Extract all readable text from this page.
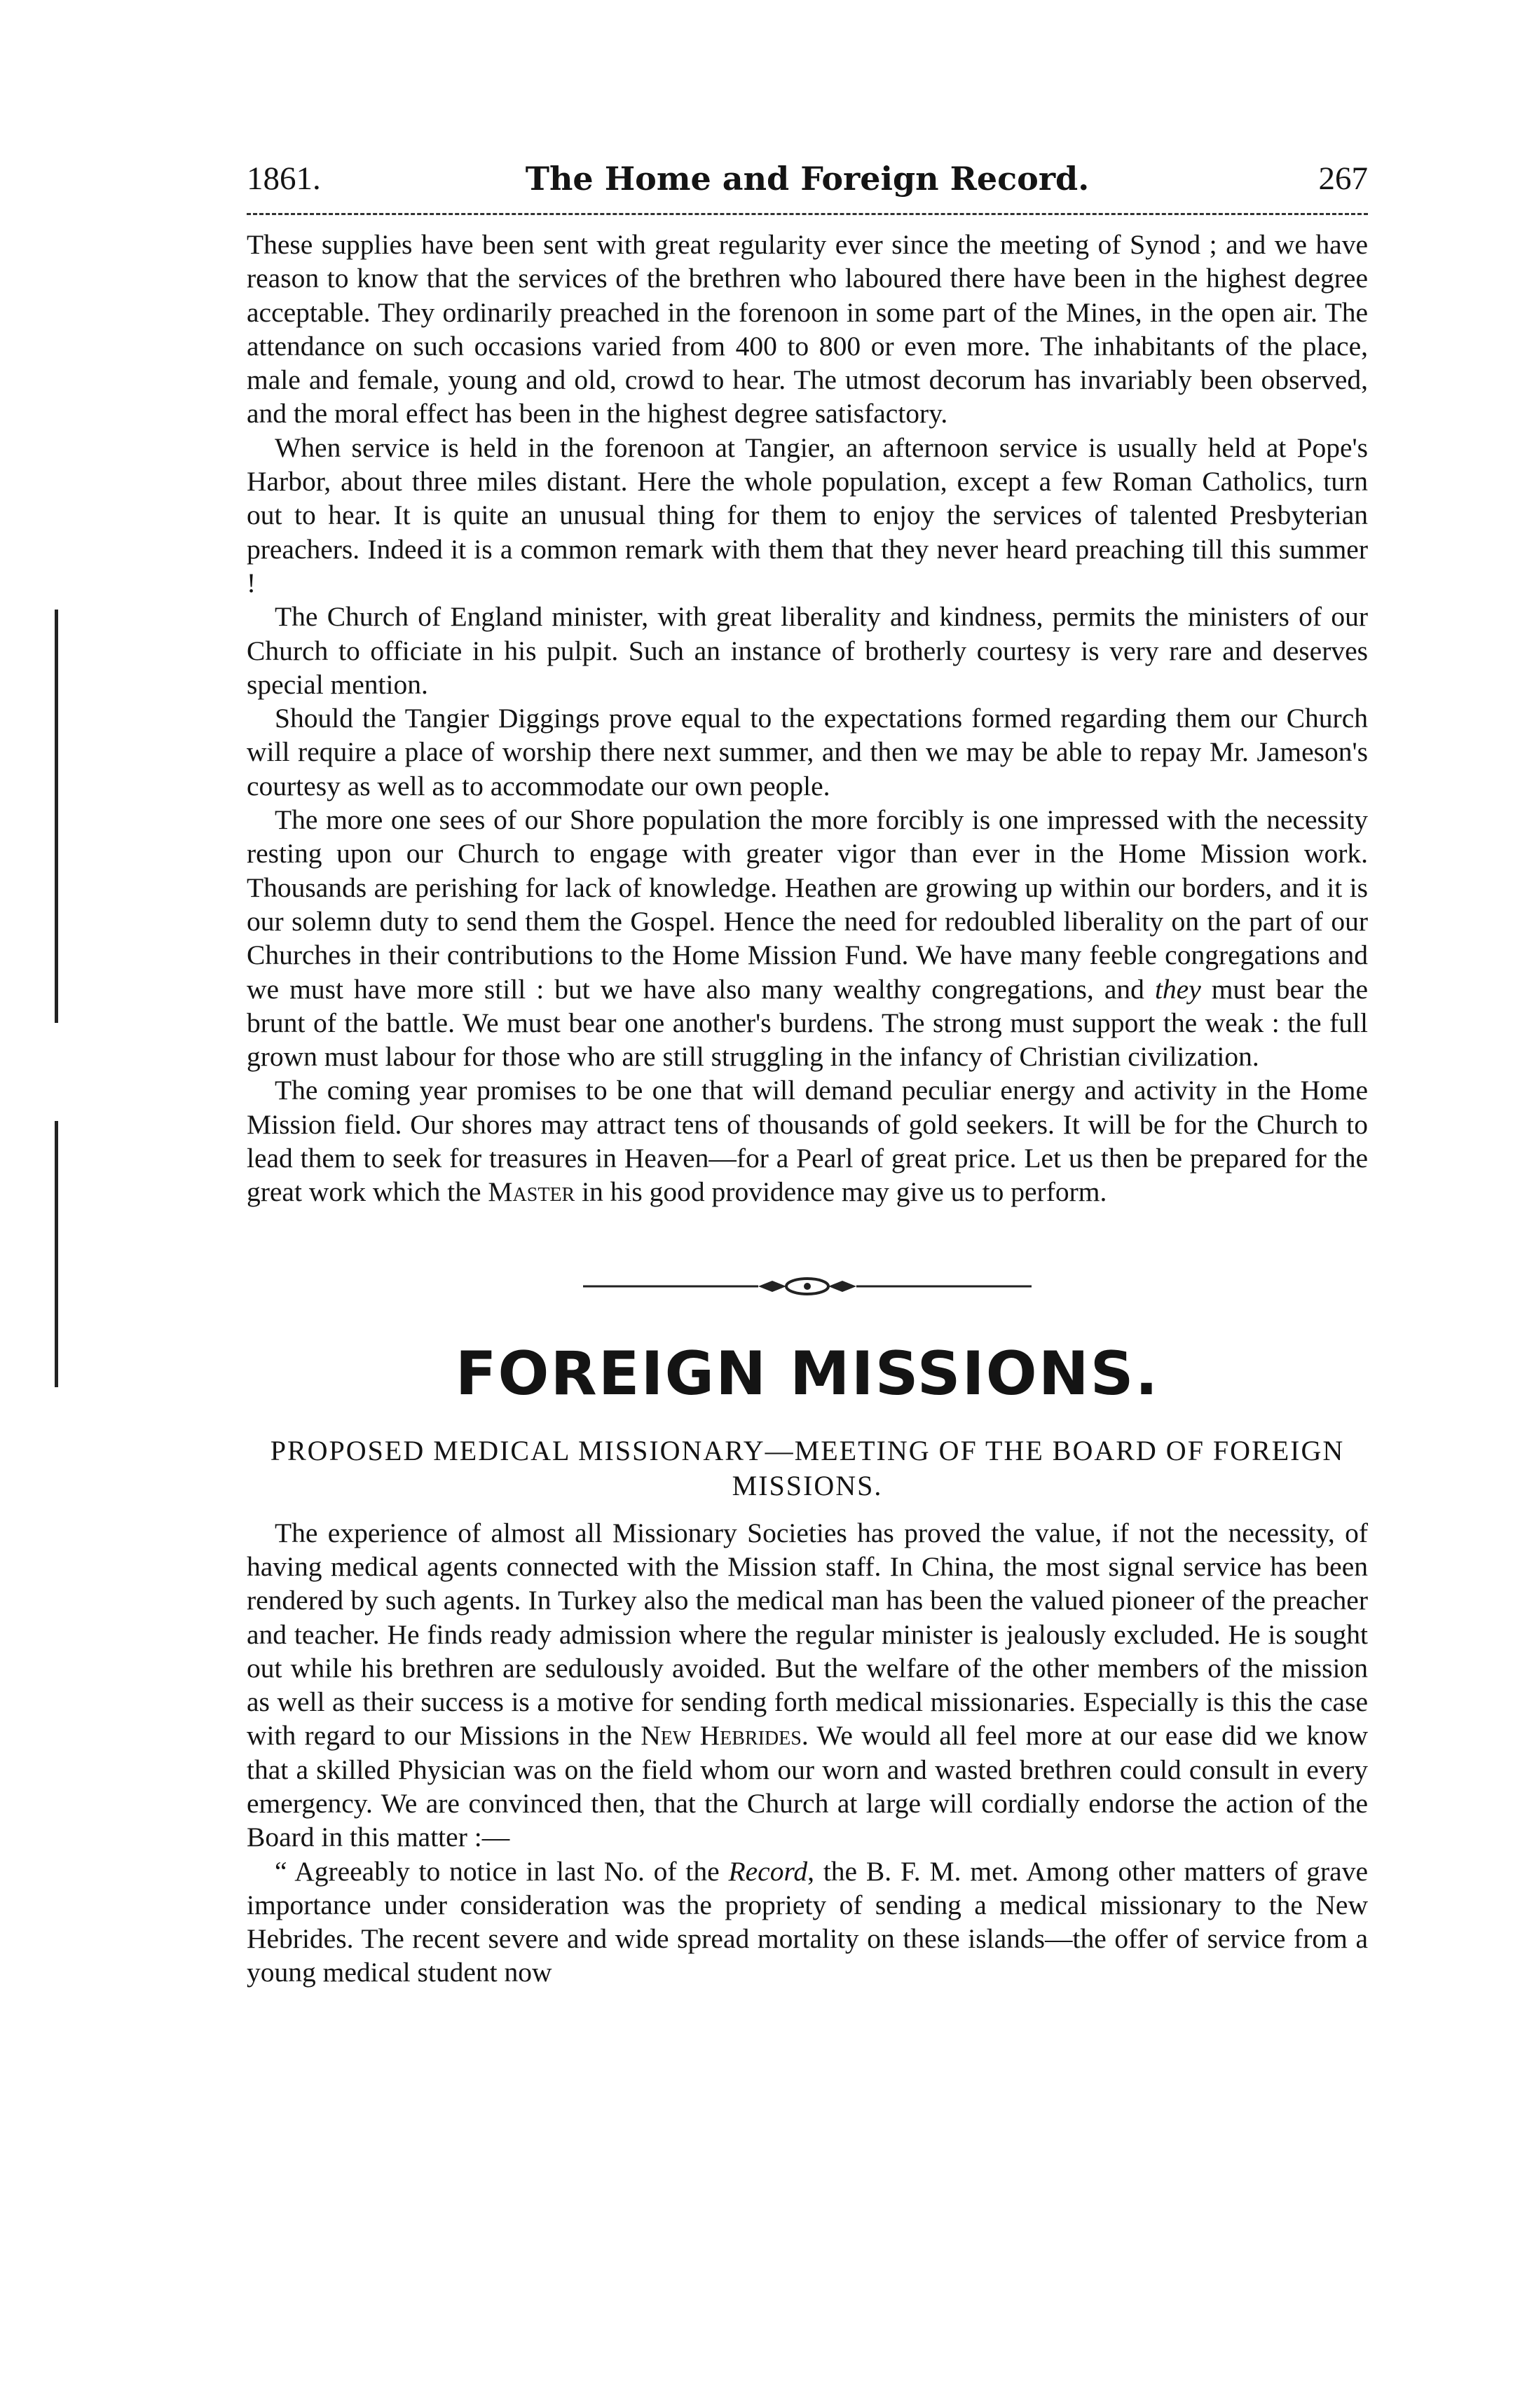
1861.	The Home and Foreign Record.	267

These supplies have been sent with great regularity ever since the meeting of Synod ; and we have reason to know that the services of the brethren who laboured there have been in the highest degree acceptable. They ordinarily preached in the forenoon in some part of the Mines, in the open air. The attendance on such occasions varied from 400 to 800 or even more. The inhabitants of the place, male and female, young and old, crowd to hear. The utmost decorum has invariably been observed, and the moral effect has been in the highest degree satisfactory.

When service is held in the forenoon at Tangier, an afternoon service is usually held at Pope's Harbor, about three miles distant. Here the whole population, except a few Roman Catholics, turn out to hear. It is quite an unusual thing for them to enjoy the services of talented Presbyterian preachers. Indeed it is a common remark with them that they never heard preaching till this summer !

The Church of England minister, with great liberality and kindness, permits the ministers of our Church to officiate in his pulpit. Such an instance of brotherly courtesy is very rare and deserves special mention.

Should the Tangier Diggings prove equal to the expectations formed regarding them our Church will require a place of worship there next summer, and then we may be able to repay Mr. Jameson's courtesy as well as to accommodate our own people.

The more one sees of our Shore population the more forcibly is one impressed with the necessity resting upon our Church to engage with greater vigor than ever in the Home Mission work. Thousands are perishing for lack of knowledge. Heathen are growing up within our borders, and it is our solemn duty to send them the Gospel. Hence the need for redoubled liberality on the part of our Churches in their contributions to the Home Mission Fund. We have many feeble congregations and we must have more still : but we have also many wealthy congregations, and they must bear the brunt of the battle. We must bear one another's burdens. The strong must support the weak : the full grown must labour for those who are still struggling in the infancy of Christian civilization.

The coming year promises to be one that will demand peculiar energy and activity in the Home Mission field. Our shores may attract tens of thousands of gold seekers. It will be for the Church to lead them to seek for treasures in Heaven—for a Pearl of great price. Let us then be prepared for the great work which the Master in his good providence may give us to perform.

FOREIGN MISSIONS.
PROPOSED MEDICAL MISSIONARY—MEETING OF THE BOARD OF FOREIGN MISSIONS.

The experience of almost all Missionary Societies has proved the value, if not the necessity, of having medical agents connected with the Mission staff. In China, the most signal service has been rendered by such agents. In Turkey also the medical man has been the valued pioneer of the preacher and teacher. He finds ready admission where the regular minister is jealously excluded. He is sought out while his brethren are sedulously avoided. But the welfare of the other members of the mission as well as their success is a motive for sending forth medical missionaries. Especially is this the case with regard to our Missions in the New Hebrides. We would all feel more at our ease did we know that a skilled Physician was on the field whom our worn and wasted brethren could consult in every emergency. We are convinced then, that the Church at large will cordially endorse the action of the Board in this matter :—

“ Agreeably to notice in last No. of the Record, the B. F. M. met. Among other matters of grave importance under consideration was the propriety of sending a medical missionary to the New Hebrides. The recent severe and wide spread mortality on these islands—the offer of service from a young medical student now
